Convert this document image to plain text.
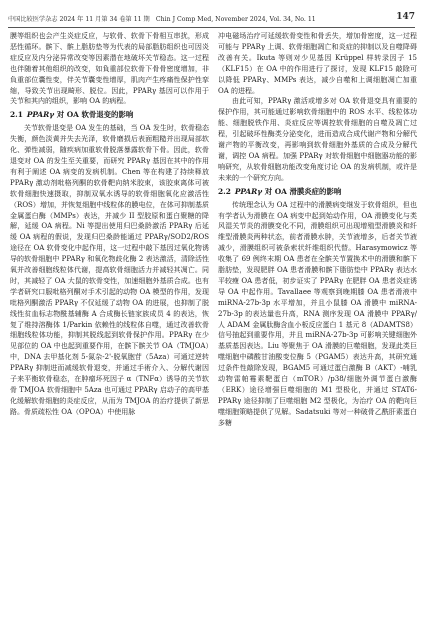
中国比较医学杂志 2024 年 11 月第 34 卷第 11 期　Chin J Comp Med, November 2024, Vol. 34, No. 11	147

膜等组织也会产生炎症反应，与软骨、软骨下骨相互串扰，形成恶性循环。髌下、髌上脂肪垫等为代表的局部脂肪组织也可因炎症反应及内分泌异常改变等因素潜在地破坏关节稳态。这一过程也伴随着其他组织的改变，如負重部位软骨下骨骨密度增加，非負重部位囊性变，伴关节囊变性增厚，肌肉产生疼痛性保护性挛缩，导致关节出现畸形、脱位。因此，PPARγ 基因可以作用于关节和其内的组织，影响 OA 的病程。

2.1 PPARγ 对 OA 软骨退变的影响

关节软骨退变是 OA 发生的基础，当 OA 发生时，软骨稳态失衡，颜色淡黄并失去光泽，软骨磨损后表面粗糙并出现局部软化、弹性减弱，随疾病加重软骨脱落暴露软骨下骨。因此，软骨退变对 OA 的发生至关重要，而研究 PPARγ 基因在其中的作用有利于阐述 OA 病变的发病机制。Chen 等在构建了持续释放 PPARγ 激动剂吡格列酮的软骨靶向纳米胶束，该胶束离体可被软骨细胞快速摄取，抑制双氧水诱导的软骨细胞氧化应激活性（ROS）增加，并恢复细胞中线粒体的膜电位，在体可抑制基质金属蛋白酶（MMPs）表达，并减少 II 型胶原和蛋白聚糖的降解，延缓 OA 病程。Ni 等提出使用归巴桑龄激活 PPARγ 后延缓 OA 病程的假说，发现归巴桑龄能通过 PPARγ/SOD2/ROS 途径在 OA 软骨变化中起作用，这一过程中敲下基因过氧化物诱导的软骨细胞中 PPARγ 和氧化物歧化酶 2 表达激活，清除活性氧并改善细胞线粒体代谢，提高软骨细胞活力并减轻其凋亡。同时，其减轻了 OA 大鼠的软骨变性，加速细胞外基质合成。也有学者研究口服吡格列酮对手术引起的动物 OA 模型的作用，发现吡格列酮激活 PPARγ 不仅延缓了动物 OA 的进展，也抑制了脱线性贫血标志物酰基辅酶 A 合成酶长链家族成员 4 的表达，恢复了维持溶酶体 1/Parkin 依赖性的线粒体自噬，通过改善软骨细胞线粒体功能，抑制其脱线起到软骨保护作用。PPARγ 在少见部位的 OA 中也起到重要作用，在髌下髌关节 OA（TMJOA）中，DNA 去甲基化剂 5-氮杂-2'-脱氧胞苷（5Aza）可通过逆转 PPARγ 抑制进而减缓软骨退变，并通过手術介入、分解代谢因子来平衡软骨稳态，在肿瘤坏死因子 α（TNFα）诱导的关节软骨 TMJOA 软骨细胞中 5Aza 也可通过 PPARγ 启动子的高甲基化缓解软骨细胞的炎症反应，从而为 TMJOA 的治疗提供了新思路。骨质疏松性 OA（OPOA）中使用脉

冲电磁场治疗可延缓软骨变性和骨丢失，增加骨密度，这一过程可能与 PPARγ 上调、软骨细胞凋亡和炎症的抑制以及自噬降碍改善有关。Ikuta 等则对少见基因 Krüppel 样转录因子 15（KLF15）在 OA 中的作用进行了探讨，发现 KLF15 敲除可以降低 PPARγ、MMPs 表达，减少自噬和上调细胞凋亡加重 OA 的进程。

由此可知，PPARγ 激活或增多对 OA 软骨退变具有重要的保护作用，其可能通过影响软骨细胞中的 ROS 水平、线粒体功能、细胞脱铁作用、炎症反应等调控软骨细胞的自噬及凋亡过程，引起破坏性酶类分泌变化，进而造成合成代谢产物和分解代谢产物的平衡改变，再影响到软骨细胞外基质的合成及分解代谢，调控 OA 病程。加强 PPARγ 对软骨细胞中细胞器功能的影响研究，从软骨细胞功能改变角度讨论 OA 的发病机制，或许是未来的一个研究方向。

2.2 PPARγ 对 OA 滑膜炎症的影响

传统理念认为 OA 过程中的滑膜病变继发于软骨组织，但也有学者认为滑膜在 OA 病变中起到始动作用，OA 滑膜变化与类风湿关节炎的滑膜变化不同，滑膜组织可出现增殖型滑膜炎和纤维型滑膜炎两种状态，前者滑膜水肿，关节液增多，后者关节液减少，滑膜组织可被条索状纤维组织代替。Harasymowicz 等收集了 69 例终末期 OA 患者在全髌关节置换术中的滑膜和髌下脂肪垫，发现肥胖 OA 患者滑膜和髌下脂肪垫中 PPARγ 表达水平较瘦 OA 患者低，初步证实了 PPARγ 在肥胖 OA 患者炎症诱导 OA 中起作用。Tavallaee 等观察到晚期膝 OA 患者滑液中 miRNA-27b-3p 水平增加，并且小鼠膝 OA 滑膜中 miRNA-27b-3p 的表达量也升高，RNA 测序发现 OA 滑膜中 PPARγ/人 ADAM 金属肽酶含血小板反应蛋白 1 基元 8（ADAMTS8）信号抽起到重要作用，并且 miRNA-27b-3p 可影响关键细胞外基质基因表达。Liu 等聚焦于 OA 滑膜的巨噬细胞，发现此类巨噬细胞中磷酸甘油酸变位酶 5（PGAM5）表达升高，其研究通过条件性敲除发现，BGAM5 可通过蛋白激酶 B（AKT）-哺乳动物雷帕霉素靶蛋白（mTOR）/p38/细胞外调节蛋白激酶（ERK）途径增强巨噬细胞的 M1 型极化，并通过 STAT6-PPARγ 途径抑制了巨噬细胞 M2 型极化，为治疗 OA 的靶向巨噬细胞策略提供了见解。Sadatsuki 等对一种破骨乙酰肝素蛋白多糖
